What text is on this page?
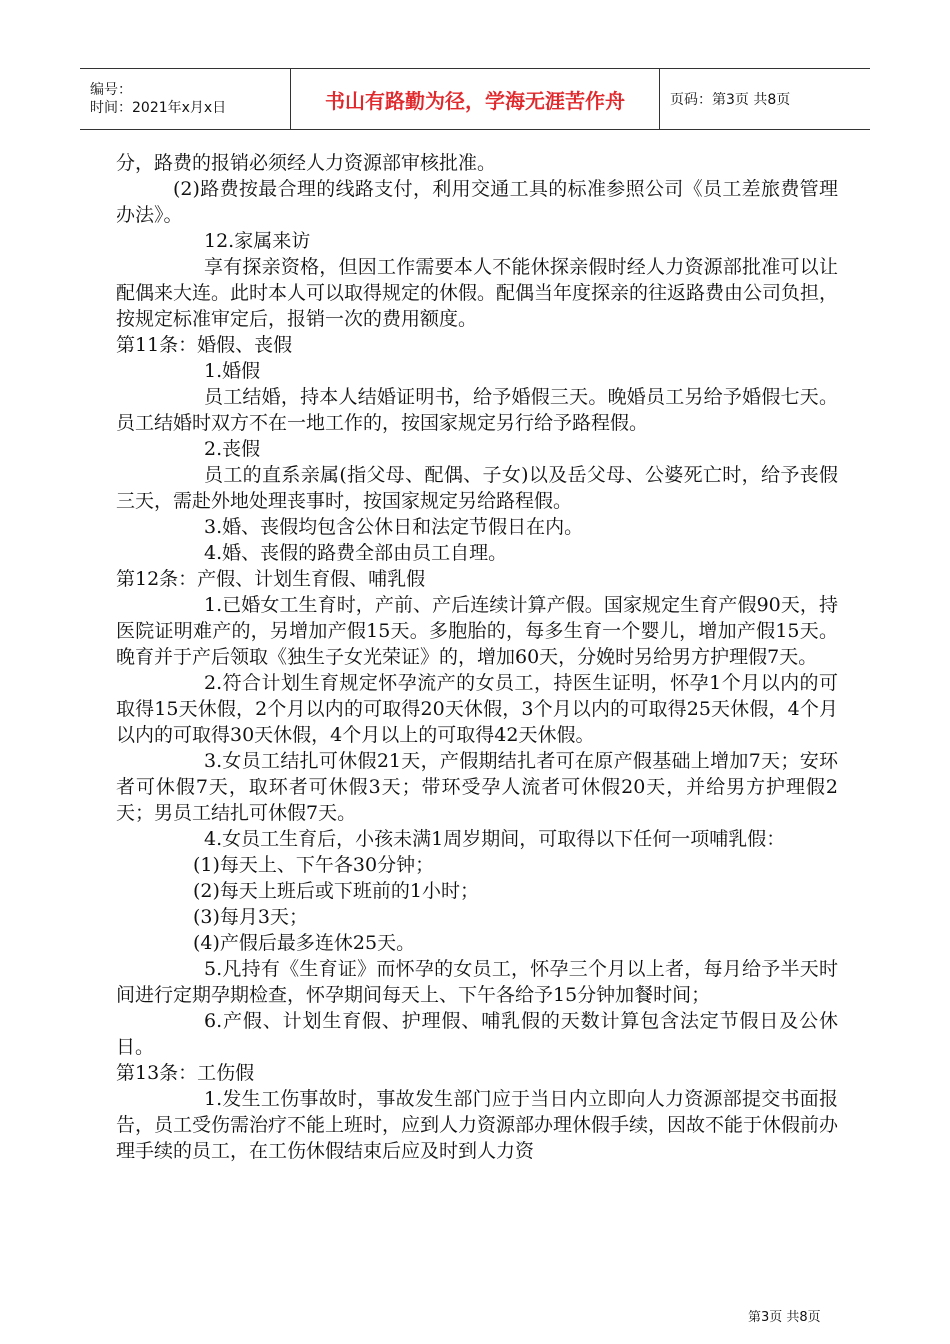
编号：
时间：2021年x月x日	书山有路勤为径，学海无涯苦作舟	页码：第3页 共8页

分，路费的报销必须经人力资源部审核批准。

(2)路费按最合理的线路支付，利用交通工具的标准参照公司《员工差旅费管理办法》。

12.家属来访

享有探亲资格，但因工作需要本人不能休探亲假时经人力资源部批准可以让配偶来大连。此时本人可以取得规定的休假。配偶当年度探亲的往返路费由公司负担，按规定标准审定后，报销一次的费用额度。

第11条：婚假、丧假

1.婚假

员工结婚，持本人结婚证明书，给予婚假三天。晚婚员工另给予婚假七天。员工结婚时双方不在一地工作的，按国家规定另行给予路程假。

2.丧假

员工的直系亲属(指父母、配偶、子女)以及岳父母、公婆死亡时，给予丧假三天，需赴外地处理丧事时，按国家规定另给路程假。

3.婚、丧假均包含公休日和法定节假日在内。

4.婚、丧假的路费全部由员工自理。

第12条：产假、计划生育假、哺乳假

1.已婚女工生育时，产前、产后连续计算产假。国家规定生育产假90天，持医院证明难产的，另增加产假15天。多胞胎的，每多生育一个婴儿，增加产假15天。晚育并于产后领取《独生子女光荣证》的，增加60天，分娩时另给男方护理假7天。

2.符合计划生育规定怀孕流产的女员工，持医生证明，怀孕1个月以内的可取得15天休假，2个月以内的可取得20天休假，3个月以内的可取得25天休假，4个月以内的可取得30天休假，4个月以上的可取得42天休假。

3.女员工结扎可休假21天，产假期结扎者可在原产假基础上增加7天；安环者可休假7天，取环者可休假3天；带环受孕人流者可休假20天，并给男方护理假2天；男员工结扎可休假7天。

4.女员工生育后，小孩未满1周岁期间，可取得以下任何一项哺乳假：

(1)每天上、下午各30分钟；

(2)每天上班后或下班前的1小时；

(3)每月3天；

(4)产假后最多连休25天。

5.凡持有《生育证》而怀孕的女员工，怀孕三个月以上者，每月给予半天时间进行定期孕期检查，怀孕期间每天上、下午各给予15分钟加餐时间；

6.产假、计划生育假、护理假、哺乳假的天数计算包含法定节假日及公休日。

第13条：工伤假

1.发生工伤事故时，事故发生部门应于当日内立即向人力资源部提交书面报告，员工受伤需治疗不能上班时，应到人力资源部办理休假手续，因故不能于休假前办理手续的员工，在工伤休假结束后应及时到人力资

第3页 共8页
